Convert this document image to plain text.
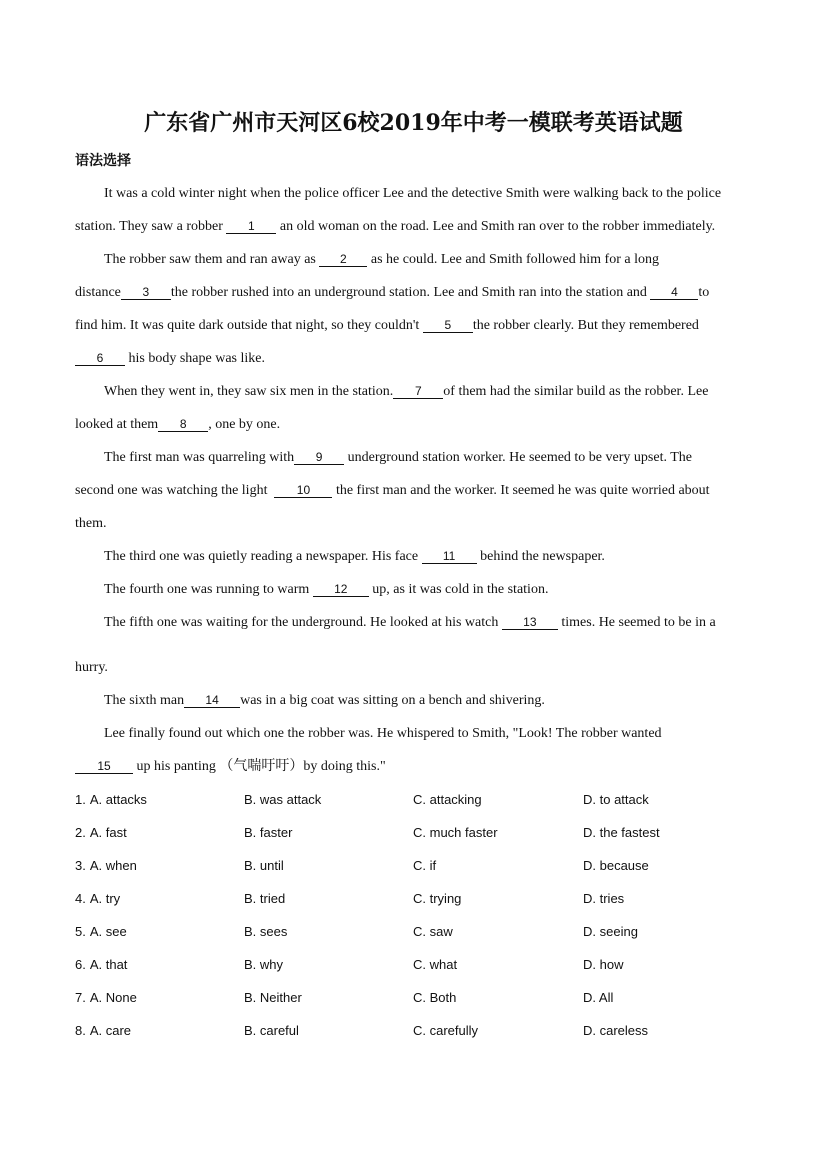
广东省广州市天河区6校2019年中考一模联考英语试题
语法选择
It was a cold winter night when the police officer Lee and the detective Smith were walking back to the police
station. They saw a robber 1 an old woman on the road. Lee and Smith ran over to the robber immediately.
The robber saw them and ran away as 2 as he could. Lee and Smith followed him for a long
distance 3 the robber rushed into an underground station. Lee and Smith ran into the station and 4 to
find him. It was quite dark outside that night, so they couldn't 5 the robber clearly. But they remembered
6 his body shape was like.
When they went in, they saw six men in the station. 7 of them had the similar build as the robber. Lee
looked at them 8 , one by one.
The first man was quarreling with 9 underground station worker. He seemed to be very upset. The
second one was watching the light  10 the first man and the worker. It seemed he was quite worried about
them.
The third one was quietly reading a newspaper. His face 11 behind the newspaper.
The fourth one was running to warm 12 up, as it was cold in the station.
The fifth one was waiting for the underground. He looked at his watch 13 times. He seemed to be in a
hurry.
The sixth man 14 was in a big coat was sitting on a bench and shivering.
Lee finally found out which one the robber was. He whispered to Smith, "Look! The robber wanted
15 up his panting （气喘吁吁）by doing this."
1. A. attacks	B. was attack	C. attacking	D. to attack
2. A. fast	B. faster	C. much faster	D. the fastest
3. A. when	B. until	C. if	D. because
4. A. try	B. tried	C. trying	D. tries
5. A. see	B. sees	C. saw	D. seeing
6. A. that	B. why	C. what	D. how
7. A. None	B. Neither	C. Both	D. All
8. A. care	B. careful	C. carefully	D. careless
